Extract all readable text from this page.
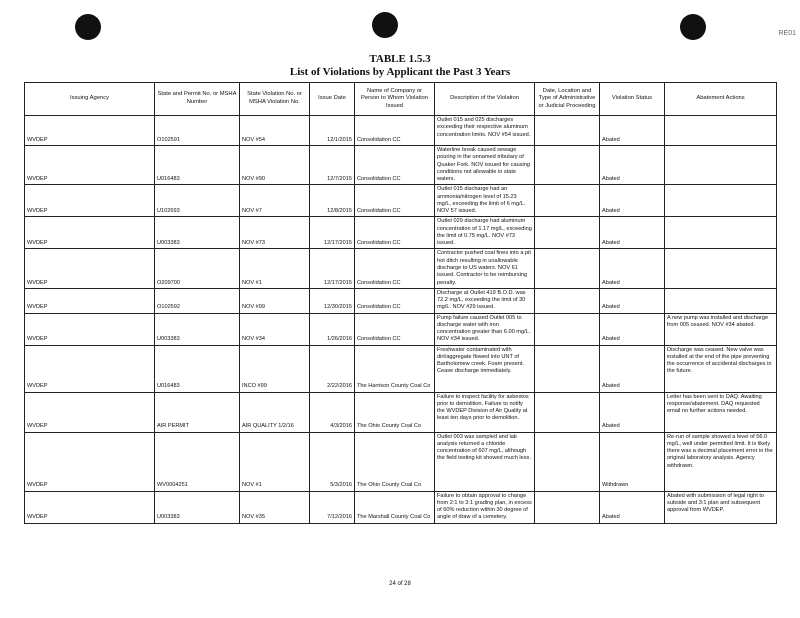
RE01
TABLE 1.5.3
List of Violations by Applicant the Past 3 Years
Issuing Agency	State and Permit No. or MSHA Number	State Violation No. or MSHA Violation No.	Issue Date	Name of Company or Person to Whom Violation Issued	Description of the Violation	Date, Location and Type of Administrative or Judicial Proceeding	Violation Status	Abatement Actions
WVDEP	O102591	NOV #54	12/1/2015	Consolidation CC	Outlet 015 and 025 discharges exceeding their respective aluminum concentration limits. NOV #54 issued.		Abated	
WVDEP	U016483	NOV #90	12/7/2015	Consolidation CC	Waterline break caused sewage pouring in the unnamed tributary of Quaker Fork. NOV issued for causing conditions not allowable in state waters.		Abated	
WVDEP	U102693	NOV #7	12/8/2015	Consolidation CC	Outlet 015 discharge had an ammonia/nitrogen level of 15.23 mg/L, exceeding the limit of 6 mg/L. NOV 57 issued.		Abated	
WVDEP	U003383	NOV #73	12/17/2015	Consolidation CC	Outlet 029 discharge had aluminum concentration of 1.17 mg/L, exceeding the limit of 0.75 mg/L. NOV #73 issued.		Abated	
WVDEP	O209700	NOV #1	12/17/2015	Consolidation CC	Contractor pushed coal fines into a pit hot ditch resulting in unallowable discharge to US waters. NOV 61 issued. Contractor to be reimbursing penalty.		Abated	
WVDEP	O102592	NOV #99	12/30/2015	Consolidation CC	Discharge at Outlet 419 B.O.D. was 72.2 mg/L, exceeding the limit of 30 mg/L. NOV #29 issued.		Abated	
WVDEP	U003383	NOV #34	1/26/2016	Consolidation CC	Pump failure caused Outlet 005 to discharge water with iron concentration greater than 6.00 mg/L. NOV #34 issued.		Abated	A new pump was installed and discharge from 005 ceased. NOV #34 abated.
WVDEP	U016483	INCO #99	2/22/2016	The Harrison County Coal Co	Freshwater contaminated with dirt/aggregate flowed into UNT of Bartholomew creek. Foam present. Cease discharge immediately.		Abated	Discharge was ceased. New valve was installed at the end of the pipe preventing the occurrence of accidental discharges in the future.
WVDEP	AIR PERMIT	AIR QUALITY 1/2/16	4/3/2016	The Ohio County Coal Co	Failure to inspect facility for asbestos prior to demolition. Failure to notify the WVDEP Division of Air Quality at least ten days prior to demolition.		Abated	Letter has been sent to DAQ. Awaiting response/abatement. DAQ requested email no further actions needed.
WVDEP	WV0004251	NOV #1	5/3/2016	The Ohio County Coal Co	Outlet 003 was sampled and lab analysis returned a chloride concentration of 607 mg/L, although the field testing kit showed much less.		Withdrawn	Re-run of sample showed a level of 56.0 mg/L, well under permitted limit. It is likely there was a decimal placement error in the original laboratory analysis. Agency withdrawn.
WVDEP	U003383	NOV #35	7/12/2016	The Marshall County Coal Co	Failure to obtain approval to change from 2:1 to 3:1 grading plan, in excess of 60% reduction within 30 degree of angle of draw of a cemetery.		Abated	Abated with submission of legal right to subside and 3:1 plan and subsequent approval from WVDEP.
24 of 28
